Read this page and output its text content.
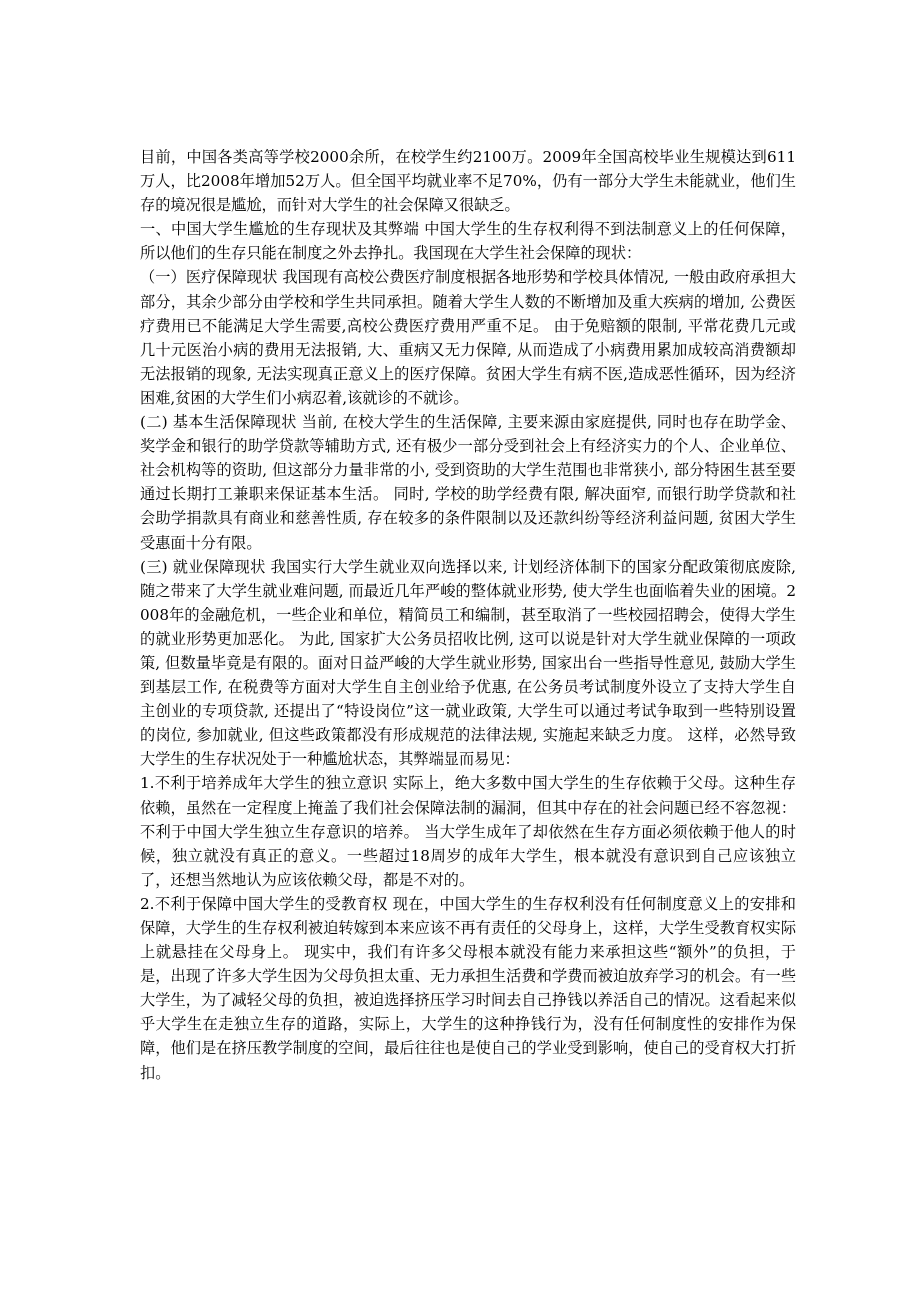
目前，中国各类高等学校2000余所，在校学生约2100万。2009年全国高校毕业生规模达到611万人，比2008年增加52万人。但全国平均就业率不足70%，仍有一部分大学生未能就业，他们生存的境况很是尴尬，而针对大学生的社会保障又很缺乏。

一、中国大学生尴尬的生存现状及其弊端 中国大学生的生存权利得不到法制意义上的任何保障，所以他们的生存只能在制度之外去挣扎。我国现在大学生社会保障的现状：

（一）医疗保障现状 我国现有高校公费医疗制度根据各地形势和学校具体情况, 一般由政府承担大部分，其余少部分由学校和学生共同承担。随着大学生人数的不断增加及重大疾病的增加, 公费医疗费用已不能满足大学生需要,高校公费医疗费用严重不足。 由于免赔额的限制, 平常花费几元或几十元医治小病的费用无法报销, 大、重病又无力保障, 从而造成了小病费用累加成较高消费额却无法报销的现象, 无法实现真正意义上的医疗保障。贫困大学生有病不医,造成恶性循环，因为经济困难,贫困的大学生们小病忍着,该就诊的不就诊。

(二) 基本生活保障现状 当前, 在校大学生的生活保障, 主要来源由家庭提供, 同时也存在助学金、奖学金和银行的助学贷款等辅助方式, 还有极少一部分受到社会上有经济实力的个人、企业单位、社会机构等的资助, 但这部分力量非常的小, 受到资助的大学生范围也非常狭小, 部分特困生甚至要通过长期打工兼职来保证基本生活。 同时, 学校的助学经费有限, 解决面窄, 而银行助学贷款和社会助学捐款具有商业和慈善性质, 存在较多的条件限制以及还款纠纷等经济利益问题, 贫困大学生受惠面十分有限。

(三) 就业保障现状 我国实行大学生就业双向选择以来, 计划经济体制下的国家分配政策彻底废除, 随之带来了大学生就业难问题, 而最近几年严峻的整体就业形势, 使大学生也面临着失业的困境。2008年的金融危机，一些企业和单位，精简员工和编制，甚至取消了一些校园招聘会，使得大学生的就业形势更加恶化。 为此, 国家扩大公务员招收比例, 这可以说是针对大学生就业保障的一项政策, 但数量毕竟是有限的。面对日益严峻的大学生就业形势, 国家出台一些指导性意见, 鼓励大学生到基层工作, 在税费等方面对大学生自主创业给予优惠, 在公务员考试制度外设立了支持大学生自主创业的专项贷款, 还提出了“特设岗位”这一就业政策, 大学生可以通过考试争取到一些特别设置的岗位, 参加就业, 但这些政策都没有形成规范的法律法规, 实施起来缺乏力度。 这样，必然导致大学生的生存状况处于一种尴尬状态，其弊端显而易见：

1.不利于培养成年大学生的独立意识 实际上，绝大多数中国大学生的生存依赖于父母。这种生存依赖，虽然在一定程度上掩盖了我们社会保障法制的漏洞，但其中存在的社会问题已经不容忽视：不利于中国大学生独立生存意识的培养。 当大学生成年了却依然在生存方面必须依赖于他人的时候，独立就没有真正的意义。一些超过18周岁的成年大学生，根本就没有意识到自己应该独立了，还想当然地认为应该依赖父母，都是不对的。

2.不利于保障中国大学生的受教育权 现在，中国大学生的生存权利没有任何制度意义上的安排和保障，大学生的生存权利被迫转嫁到本来应该不再有责任的父母身上，这样，大学生受教育权实际上就悬挂在父母身上。 现实中，我们有许多父母根本就没有能力来承担这些“额外”的负担，于是，出现了许多大学生因为父母负担太重、无力承担生活费和学费而被迫放弃学习的机会。有一些大学生，为了减轻父母的负担，被迫选择挤压学习时间去自己挣钱以养活自己的情况。这看起来似乎大学生在走独立生存的道路，实际上，大学生的这种挣钱行为，没有任何制度性的安排作为保障，他们是在挤压教学制度的空间，最后往往也是使自己的学业受到影响，使自己的受育权大打折扣。
